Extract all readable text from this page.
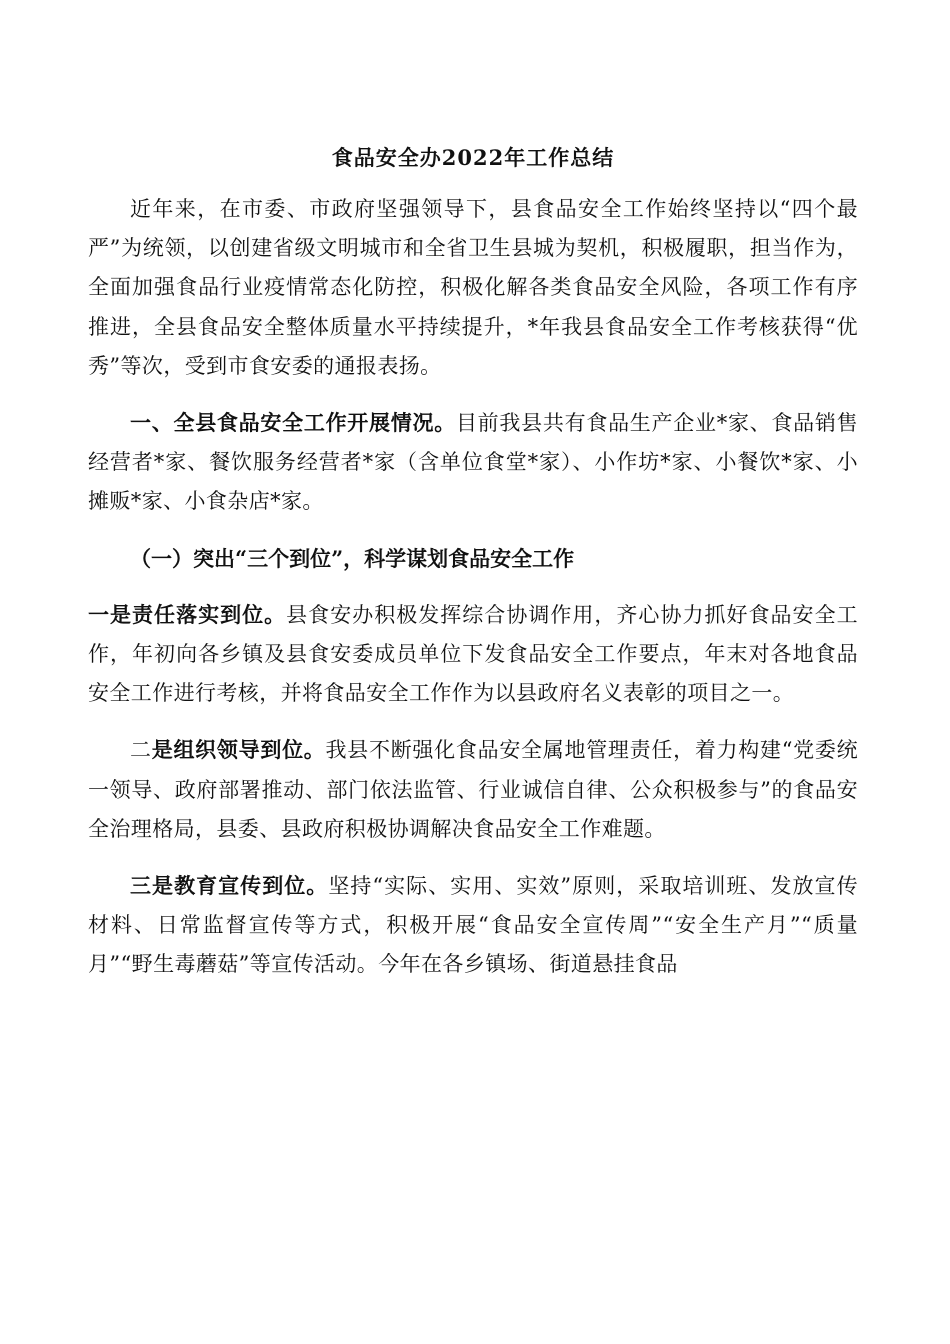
食品安全办2022年工作总结

近年来，在市委、市政府坚强领导下，县食品安全工作始终坚持以“四个最严”为统领，以创建省级文明城市和全省卫生县城为契机，积极履职，担当作为，全面加强食品行业疫情常态化防控，积极化解各类食品安全风险，各项工作有序推进，全县食品安全整体质量水平持续提升，*年我县食品安全工作考核获得“优秀”等次，受到市食安委的通报表扬。

一、全县食品安全工作开展情况。目前我县共有食品生产企业*家、食品销售经营者*家、餐饮服务经营者*家（含单位食堂*家）、小作坊*家、小餐饮*家、小摊贩*家、小食杂店*家。

（一）突出“三个到位”，科学谋划食品安全工作

一是责任落实到位。县食安办积极发挥综合协调作用，齐心协力抓好食品安全工作，年初向各乡镇及县食安委成员单位下发食品安全工作要点，年末对各地食品安全工作进行考核，并将食品安全工作作为以县政府名义表彰的项目之一。

二是组织领导到位。我县不断强化食品安全属地管理责任，着力构建“党委统一领导、政府部署推动、部门依法监管、行业诚信自律、公众积极参与”的食品安全治理格局，县委、县政府积极协调解决食品安全工作难题。

三是教育宣传到位。坚持“实际、实用、实效”原则，采取培训班、发放宣传材料、日常监督宣传等方式，积极开展“食品安全宣传周”“安全生产月”“质量月”“野生毒蘑菇”等宣传活动。今年在各乡镇场、街道悬挂食品
